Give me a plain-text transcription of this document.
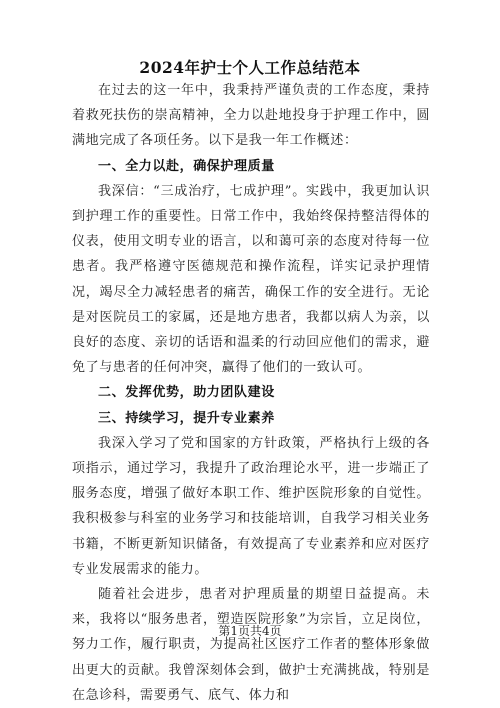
2024年护士个人工作总结范本

在过去的这一年中，我秉持严谨负责的工作态度，秉持着救死扶伤的崇高精神，全力以赴地投身于护理工作中，圆满地完成了各项任务。以下是我一年工作概述：

一、全力以赴，确保护理质量

我深信：“三成治疗，七成护理”。实践中，我更加认识到护理工作的重要性。日常工作中，我始终保持整洁得体的仪表，使用文明专业的语言，以和蔼可亲的态度对待每一位患者。我严格遵守医德规范和操作流程，详实记录护理情况，竭尽全力减轻患者的痛苦，确保工作的安全进行。无论是对医院员工的家属，还是地方患者，我都以病人为亲，以良好的态度、亲切的话语和温柔的行动回应他们的需求，避免了与患者的任何冲突，赢得了他们的一致认可。

二、发挥优势，助力团队建设

三、持续学习，提升专业素养

我深入学习了党和国家的方针政策，严格执行上级的各项指示，通过学习，我提升了政治理论水平，进一步端正了服务态度，增强了做好本职工作、维护医院形象的自觉性。我积极参与科室的业务学习和技能培训，自我学习相关业务书籍，不断更新知识储备，有效提高了专业素养和应对医疗专业发展需求的能力。

随着社会进步，患者对护理质量的期望日益提高。未来，我将以“服务患者，塑造医院形象”为宗旨，立足岗位，努力工作，履行职责，为提高社区医疗工作者的整体形象做出更大的贡献。我曾深刻体会到，做护士充满挑战，特别是在急诊科，需要勇气、底气、体力和

第1页共4页
